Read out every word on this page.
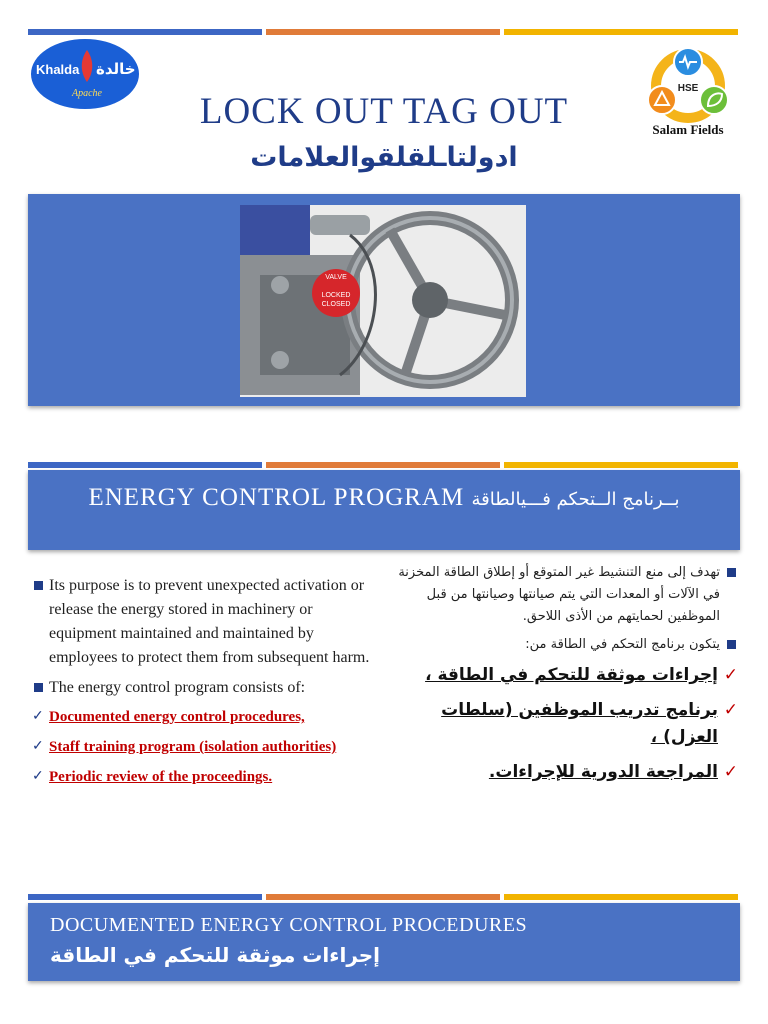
Khalda خالدة
Apache	HSE
Salam Fields
LOCK OUT TAG OUT
ادولتاـلقلقوالعلامات
VALVE
LOCKED
CLOSED
ENERGY CONTROL PROGRAM بــرنامج الــتحكم فـــيالطاقة
Its purpose is to prevent unexpected activation or release the energy stored in machinery or equipment maintained and maintained by employees to protect them from subsequent harm.
The energy control program consists of:
✓ Documented energy control procedures,
✓ Staff training program (isolation authorities)
✓ Periodic review of the proceedings.
تهدف إلى منع التنشيط غير المتوقع أو إطلاق الطاقة المخزنة في الآلات أو المعدات التي يتم صيانتها وصيانتها من قبل الموظفين لحمايتهم من الأذى اللاحق.
يتكون برنامج التحكم في الطاقة من:
✓
إجراءات موثقة للتحكم في الطاقة ،
✓
برنامج تدريب الموظفين (سلطات العزل) ،
✓
المراجعة الدورية للإجراءات.
DOCUMENTED ENERGY CONTROL PROCEDURES
إجراءات موثقة للتحكم في الطاقة
